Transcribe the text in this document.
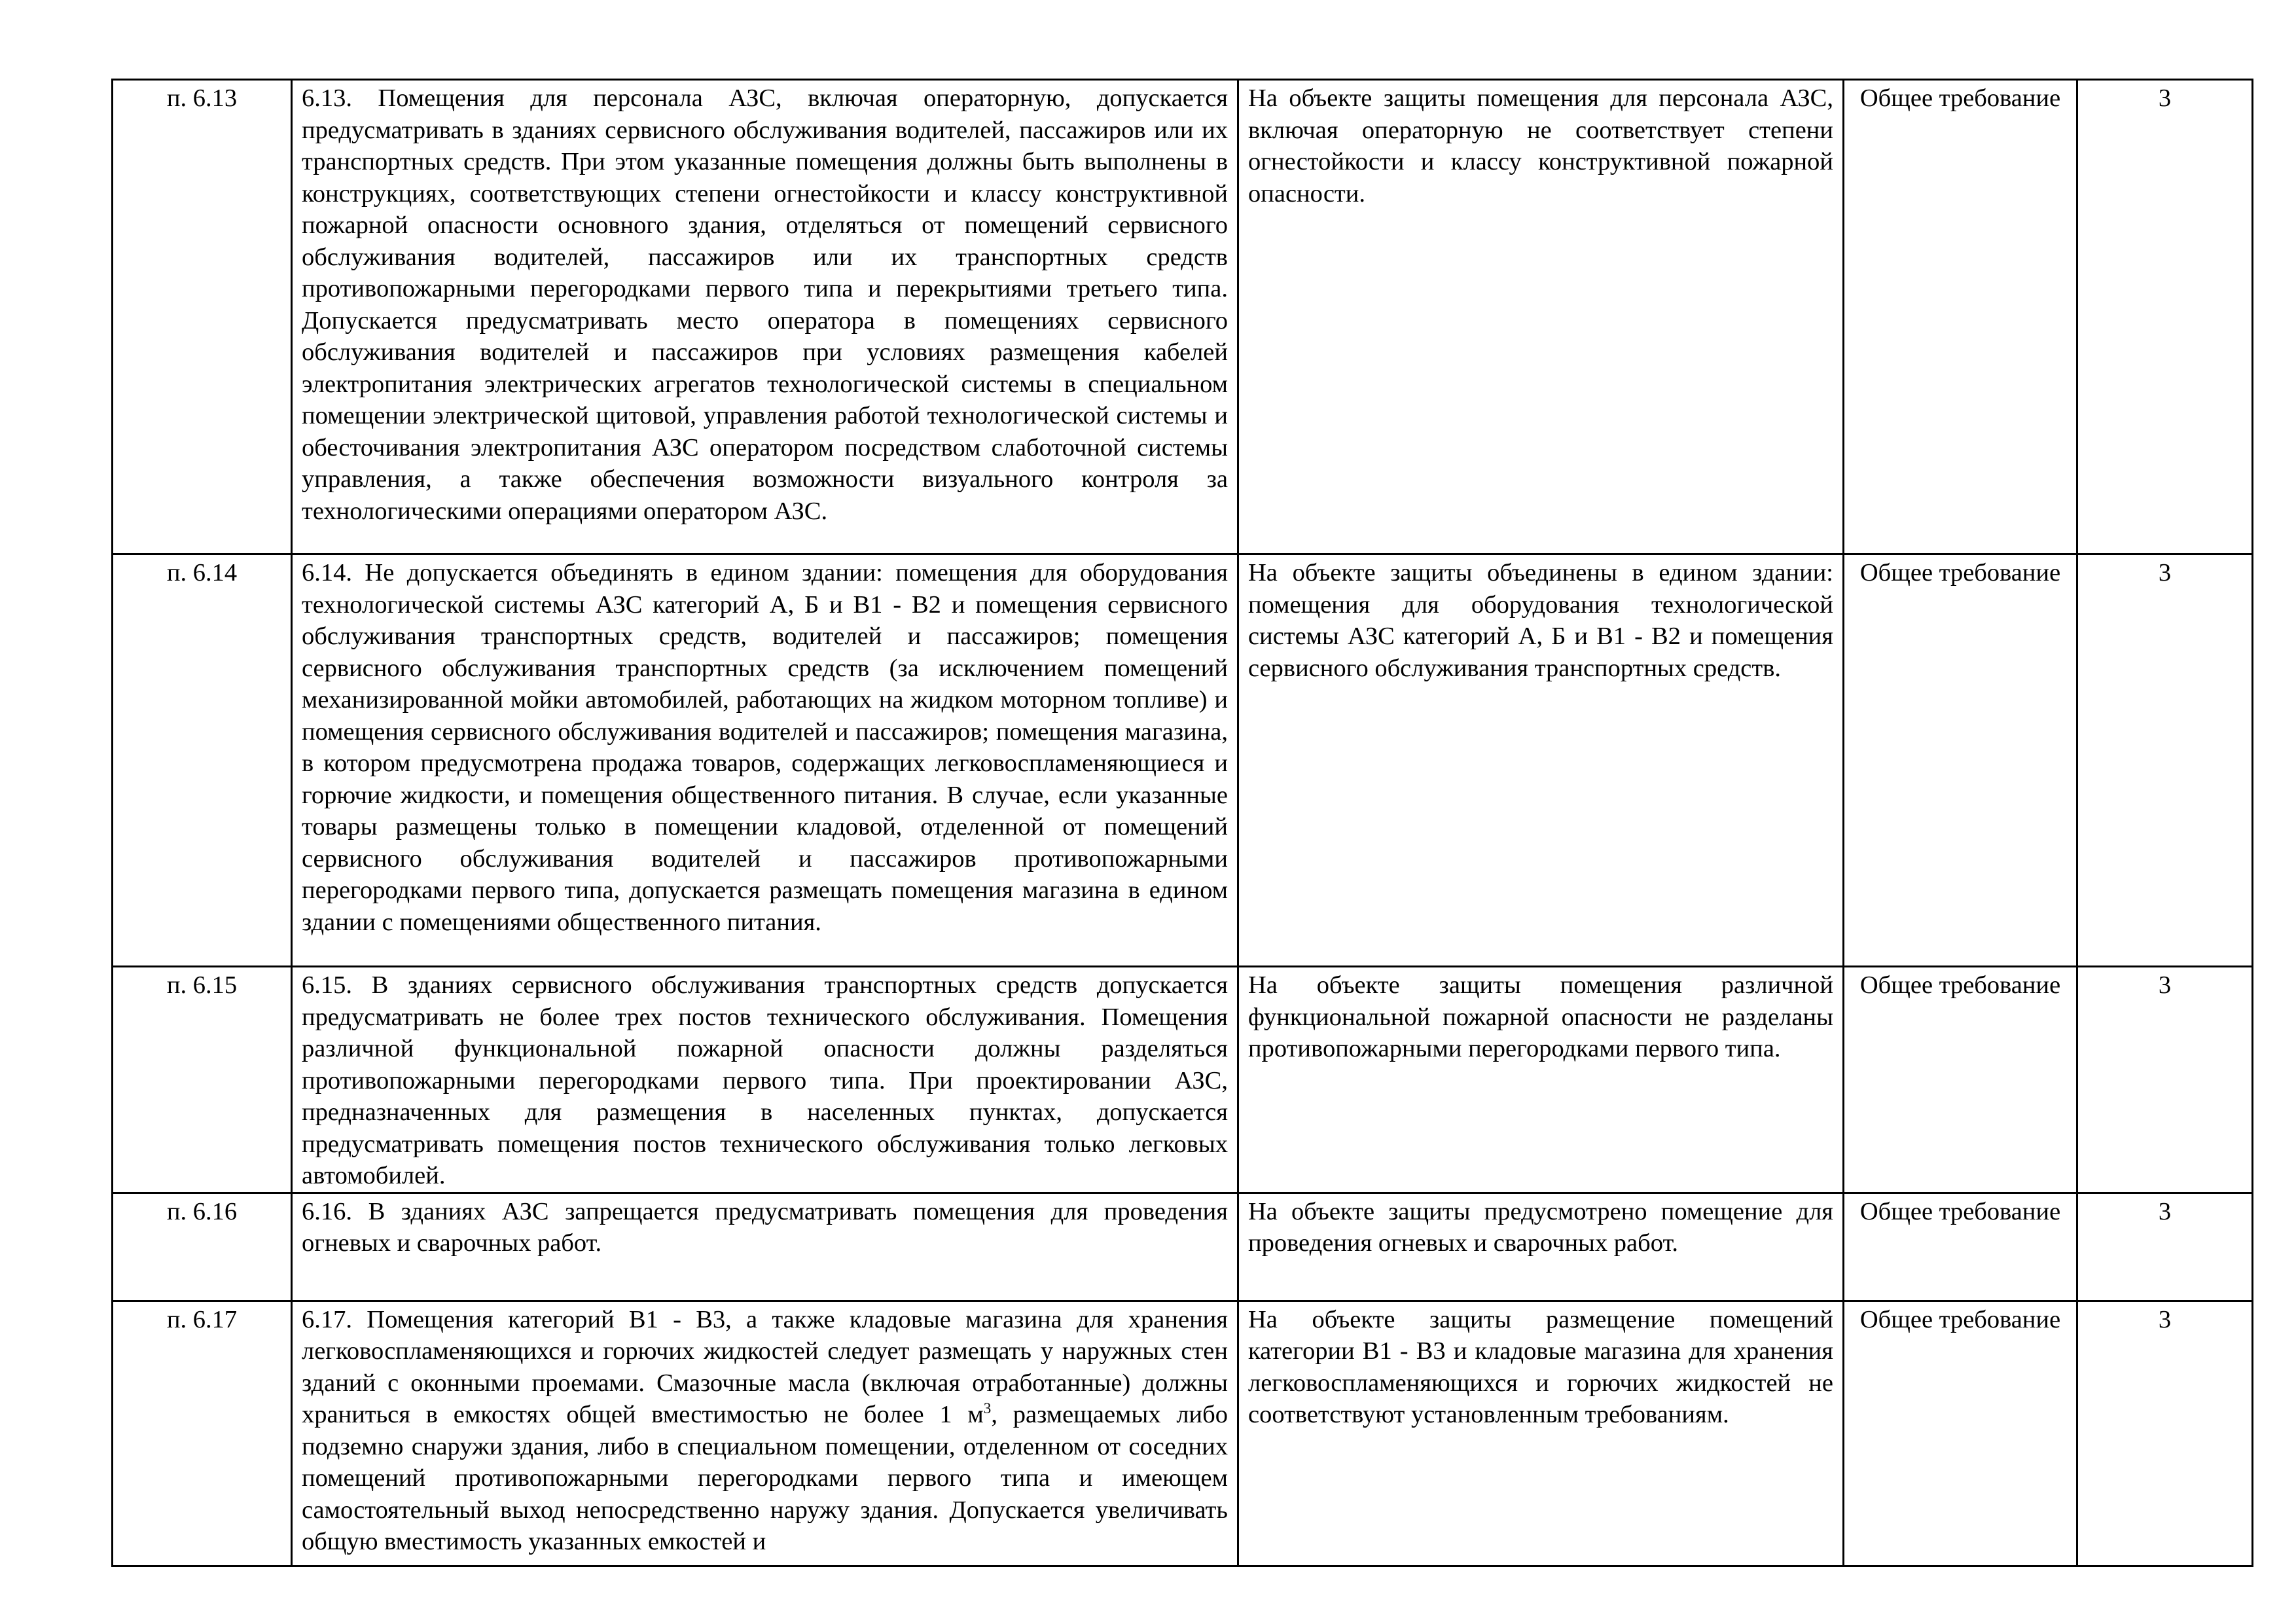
п. 6.13	6.13. Помещения для персонала АЗС, включая операторную, допускается предусматривать в зданиях сервисного обслуживания водителей, пассажиров или их транспортных средств. При этом указанные помещения должны быть выполнены в конструкциях, соответствующих степени огнестойкости и классу конструктивной пожарной опасности основного здания, отделяться от помещений сервисного обслуживания водителей, пассажиров или их транспортных средств противопожарными перегородками первого типа и перекрытиями третьего типа. Допускается предусматривать место оператора в помещениях сервисного обслуживания водителей и пассажиров при условиях размещения кабелей электропитания электрических агрегатов технологической системы в специальном помещении электрической щитовой, управления работой технологической системы и обесточивания электропитания АЗС оператором посредством слаботочной системы управления, а также обеспечения возможности визуального контроля за технологическими операциями оператором АЗС.	На объекте защиты помещения для персонала АЗС, включая операторную не соответствует степени огнестойкости и классу конструктивной пожарной опасности.	Общее требование	3
п. 6.14	6.14. Не допускается объединять в едином здании: помещения для оборудования технологической системы АЗС категорий А, Б и В1 - В2 и помещения сервисного обслуживания транспортных средств, водителей и пассажиров; помещения сервисного обслуживания транспортных средств (за исключением помещений механизированной мойки автомобилей, работающих на жидком моторном топливе) и помещения сервисного обслуживания водителей и пассажиров; помещения магазина, в котором предусмотрена продажа товаров, содержащих легковоспламеняющиеся и горючие жидкости, и помещения общественного питания. В случае, если указанные товары размещены только в помещении кладовой, отделенной от помещений сервисного обслуживания водителей и пассажиров противопожарными перегородками первого типа, допускается размещать помещения магазина в едином здании с помещениями общественного питания.	На объекте защиты объединены в едином здании: помещения для оборудования технологической системы АЗС категорий А, Б и В1 - В2 и помещения сервисного обслуживания транспортных средств.	Общее требование	3
п. 6.15	6.15. В зданиях сервисного обслуживания транспортных средств допускается предусматривать не более трех постов технического обслуживания. Помещения различной функциональной пожарной опасности должны разделяться противопожарными перегородками первого типа. При проектировании АЗС, предназначенных для размещения в населенных пунктах, допускается предусматривать помещения постов технического обслуживания только легковых автомобилей.	На объекте защиты помещения различной функциональной пожарной опасности не разделаны противопожарными перегородками первого типа.	Общее требование	3
п. 6.16	6.16. В зданиях АЗС запрещается предусматривать помещения для проведения огневых и сварочных работ.	На объекте защиты предусмотрено помещение для проведения огневых и сварочных работ.	Общее требование	3
п. 6.17	6.17. Помещения категорий В1 - В3, а также кладовые магазина для хранения легковоспламеняющихся и горючих жидкостей следует размещать у наружных стен зданий с оконными проемами. Смазочные масла (включая отработанные) должны храниться в емкостях общей вместимостью не более 1 $м^3$, размещаемых либо подземно снаружи здания, либо в специальном помещении, отделенном от соседних помещений противопожарными перегородками первого типа и имеющем самостоятельный выход непосредственно наружу здания. Допускается увеличивать общую вместимость указанных емкостей и	На объекте защиты размещение помещений категории В1 - В3 и кладовые магазина для хранения легковоспламеняющихся и горючих жидкостей не соответствуют установленным требованиям.	Общее требование	3
